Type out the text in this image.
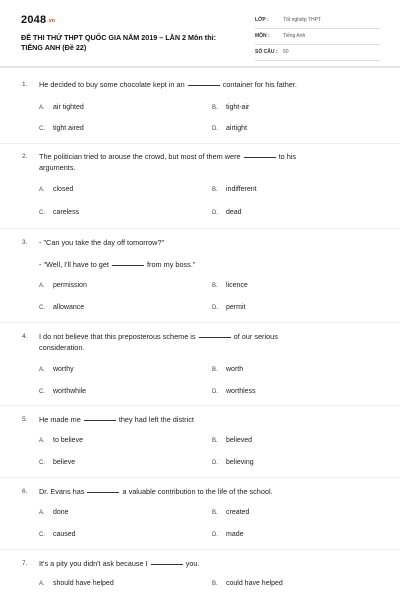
$2048^{.vn}$
ĐỀ THI THỬ THPT QUỐC GIA NĂM 2019 – LẦN 2 Môn thi:
TIẾNG ANH (Đề 22)
LỚP :	Tốt nghiệp THPT
MÔN :	Tiếng Anh
SỐ CÂU :	50
1. He decided to buy some chocolate kept in an	container for his father.
A. air tighted	B. tight-air
C. tight aired	D. airtight
2. The politician tried to arouse the crowd, but most of them were	to his
arguments.
A. closed	B. indifferent
C. careless	D. dead
3. - "Can you take the day off tomorrow?"
- "Well, I'll have to get	from my boss."
A. permission	B. licence
C. allowance	D. permit
4. I do not believe that this preposterous scheme is	of our serious
consideration.
A. worthy	B. worth
C. worthwhile	D. worthless
5. He made me	they had left the district
A. to believe	B. believed
C. believe	D. believing
6. Dr. Evans has	a valuable contribution to the life of the school.
A. done	B. created
C. caused	D. made
7. It's a pity you didn't ask because I	you.
A. should have helped	B. could have helped
